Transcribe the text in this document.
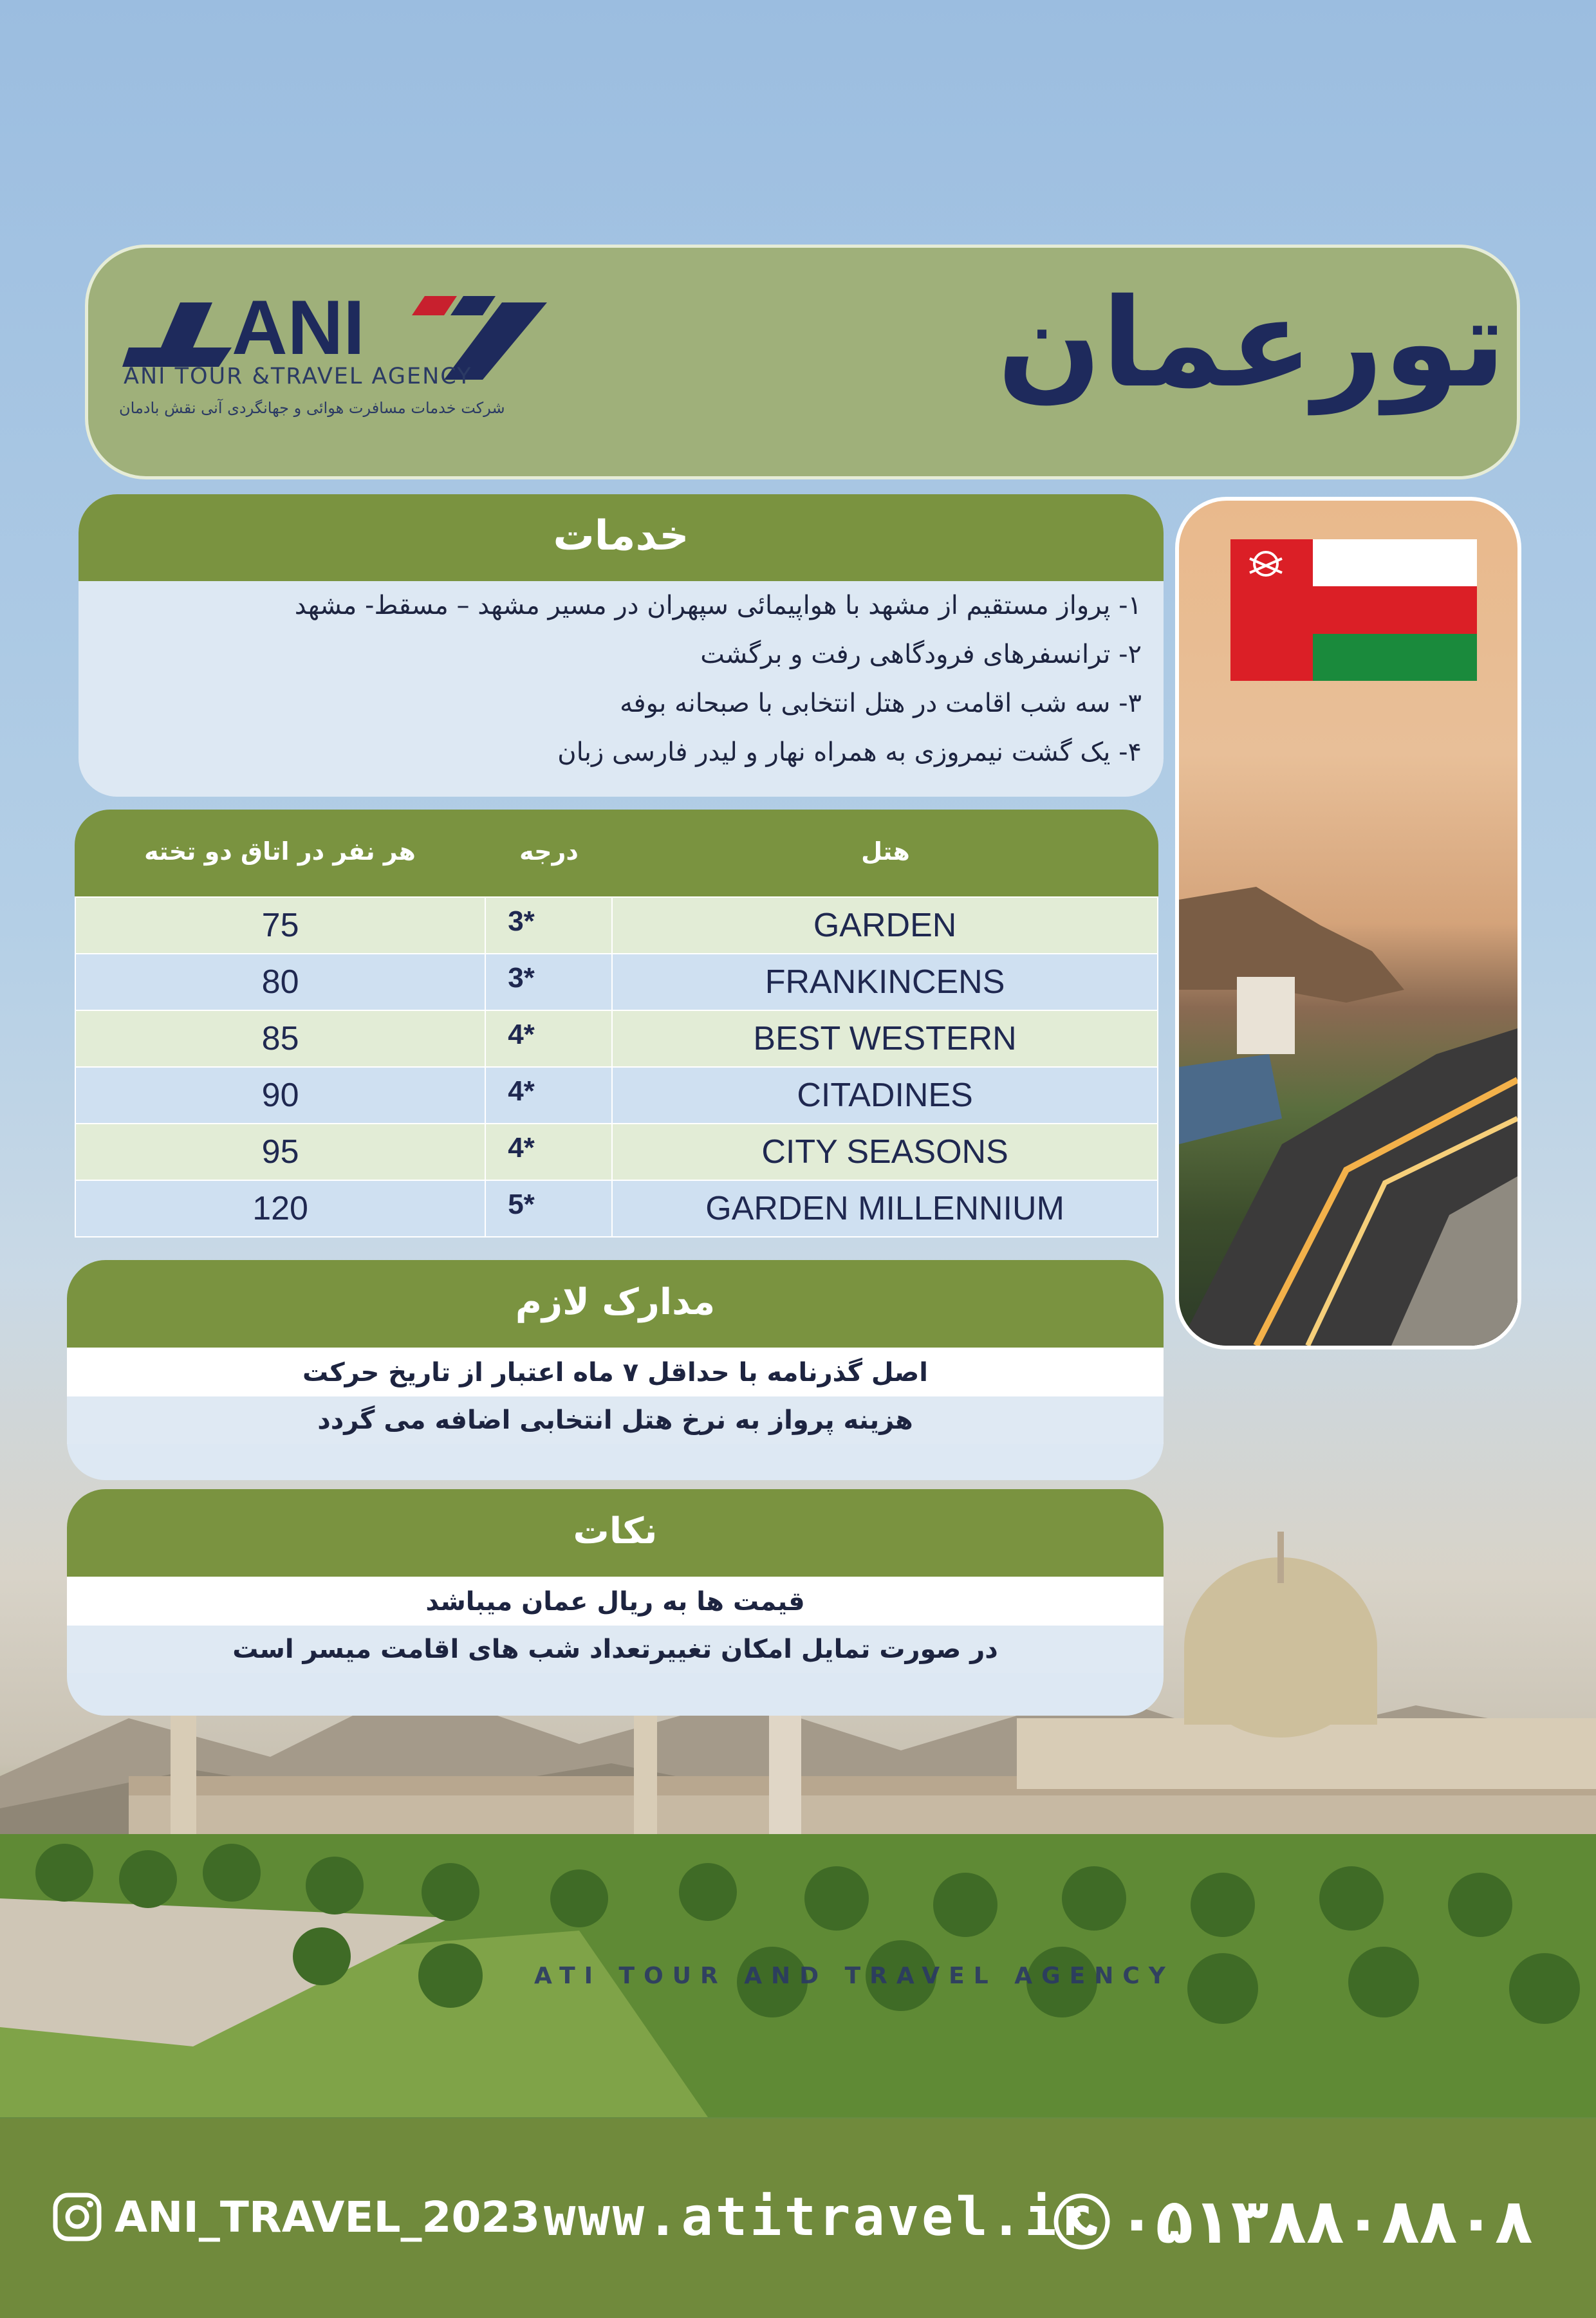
ANI
ANI TOUR &TRAVEL AGENCY
شرکت خدمات مسافرت هوائی و جهانگردی آنی نقش بادمان	تورعمان
خدمات
۱- پرواز مستقیم از مشهد با هواپیمائی سپهران در مسیر مشهد – مسقط- مشهد
۲- ترانسفرهای فرودگاهی رفت و برگشت
۳- سه شب اقامت در هتل انتخابی با صبحانه بوفه
۴- یک گشت نیمروزی به همراه نهار و لیدر فارسی زبان
هر نفر در اتاق دو تخته	درجه	هتل
75	3*	GARDEN
80	3*	FRANKINCENS
85	4*	BEST WESTERN
90	4*	CITADINES
95	4*	CITY SEASONS
120	5*	GARDEN MILLENNIUM
مدارک لازم
اصل گذرنامه با حداقل ۷ ماه اعتبار از تاریخ حرکت
هزینه پرواز به نرخ هتل انتخابی اضافه می گردد
نکات
قیمت ها به ریال عمان میباشد
در صورت تمایل امکان تغییرتعداد شب های اقامت میسر است
ATI TOUR AND TRAVEL AGENCY
۰۵۱۳۸۸۰۸۸۰۸
www.atitravel.ir
ANI_TRAVEL_2023
